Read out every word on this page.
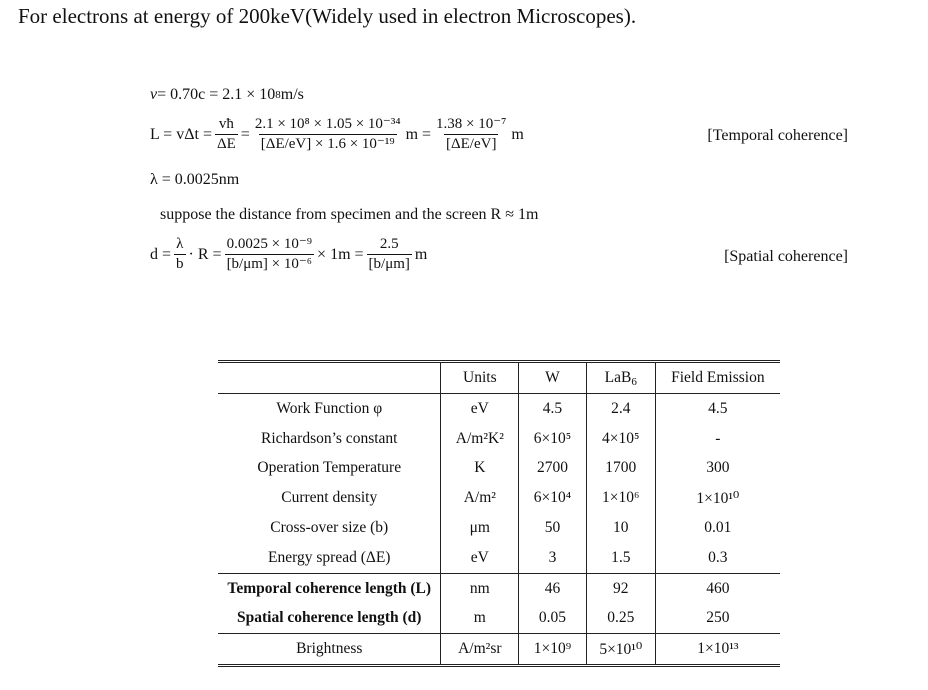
For electrons at energy of 200keV(Widely used in electron Microscopes).
v = 0.70c = 2.1 × 10 8 m/s
$L = v\Delta t = \frac{vħ}{\Delta E} = \frac{\text{2.1 × 10⁸ × 1.05 × 10⁻³⁴}}{\text{[ΔE/eV] × 1.6 × 10⁻¹⁹}}$ $m = \frac{\text{1.38 × 10⁻⁷}}{[\Delta E/eV]}$ m	[Temporal coherence]
λ = 0.0025nm
suppose the distance from specimen and the screen R ≈ 1m
$d = \frac{\lambda}{b} \cdot R = \frac{\text{0.0025 × 10⁻⁹}}{\text{[b/μm] × 10⁻⁶}} \times 1m = \frac{2.5}{[b/\mu m]}$ m	[Spatial coherence]
	Units	W	LaB$_6$	Field Emission
Work Function φ	eV	4.5	2.4	4.5
Richardson’s constant	A/m²K²	6×10⁵	4×10⁵	-
Operation Temperature	K	2700	1700	300
Current density	A/m²	6×10⁴	1×10⁶	1×10¹⁰
Cross-over size (b)	μm	50	10	0.01
Energy spread (ΔE)	eV	3	1.5	0.3
Temporal coherence length (L)	nm	46	92	460
Spatial coherence length (d)	m	0.05	0.25	250
Brightness	A/m²sr	1×10⁹	5×10¹⁰	1×10¹³
